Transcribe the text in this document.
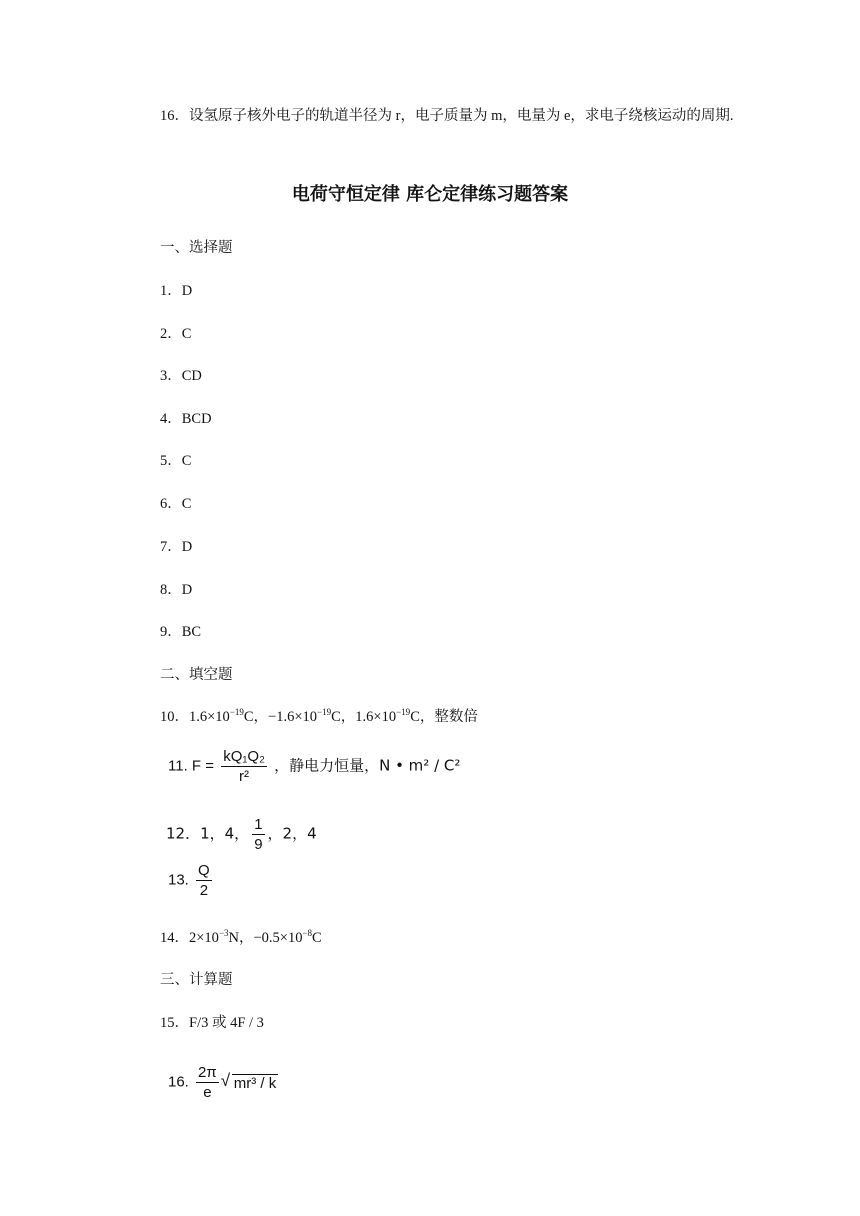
16．设氢原子核外电子的轨道半径为 r，电子质量为 m，电量为 e，求电子绕核运动的周期.
电荷守恒定律 库仑定律练习题答案
一、选择题
1．D
2．C
3．CD
4．BCD
5．C
6．C
7．D
8．D
9．BC
二、填空题
10．$1.6\times 10^{-19}C$，$-1.6\times 10^{-19}C$，$1.6\times 10^{-19}C$，整数倍
11. $F = \frac{\text{kQ₁Q₂}}{\text{r²}}$ ，静电力恒量，N • m² / C²
12．1，4， $\frac{1}{9}$ ，2，4
13. $\frac{Q}{2}$
14．$2\times 10^{-3}N$，$-0.5\times 10^{-8}C$
三、计算题
15．F/3 或 4F / 3
16. $\frac{2\pi}{e}$
√ mr³ / k
